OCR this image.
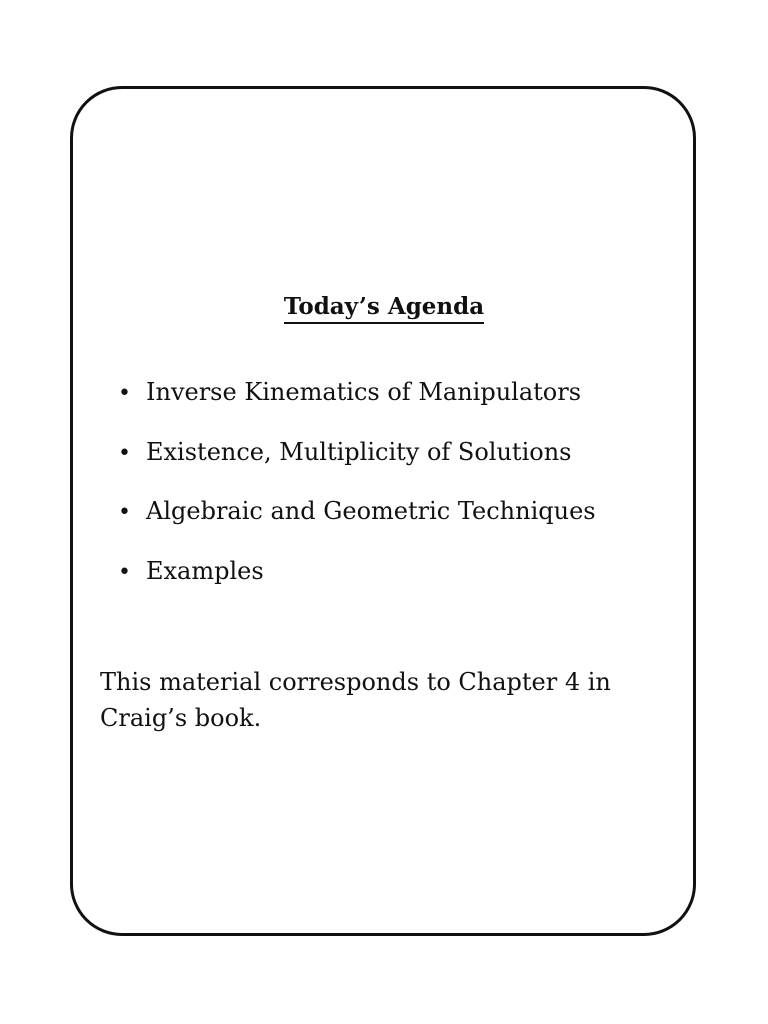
Today’s Agenda
• Inverse Kinematics of Manipulators
• Existence, Multiplicity of Solutions
• Algebraic and Geometric Techniques
• Examples

This material corresponds to Chapter 4 in Craig’s book.
